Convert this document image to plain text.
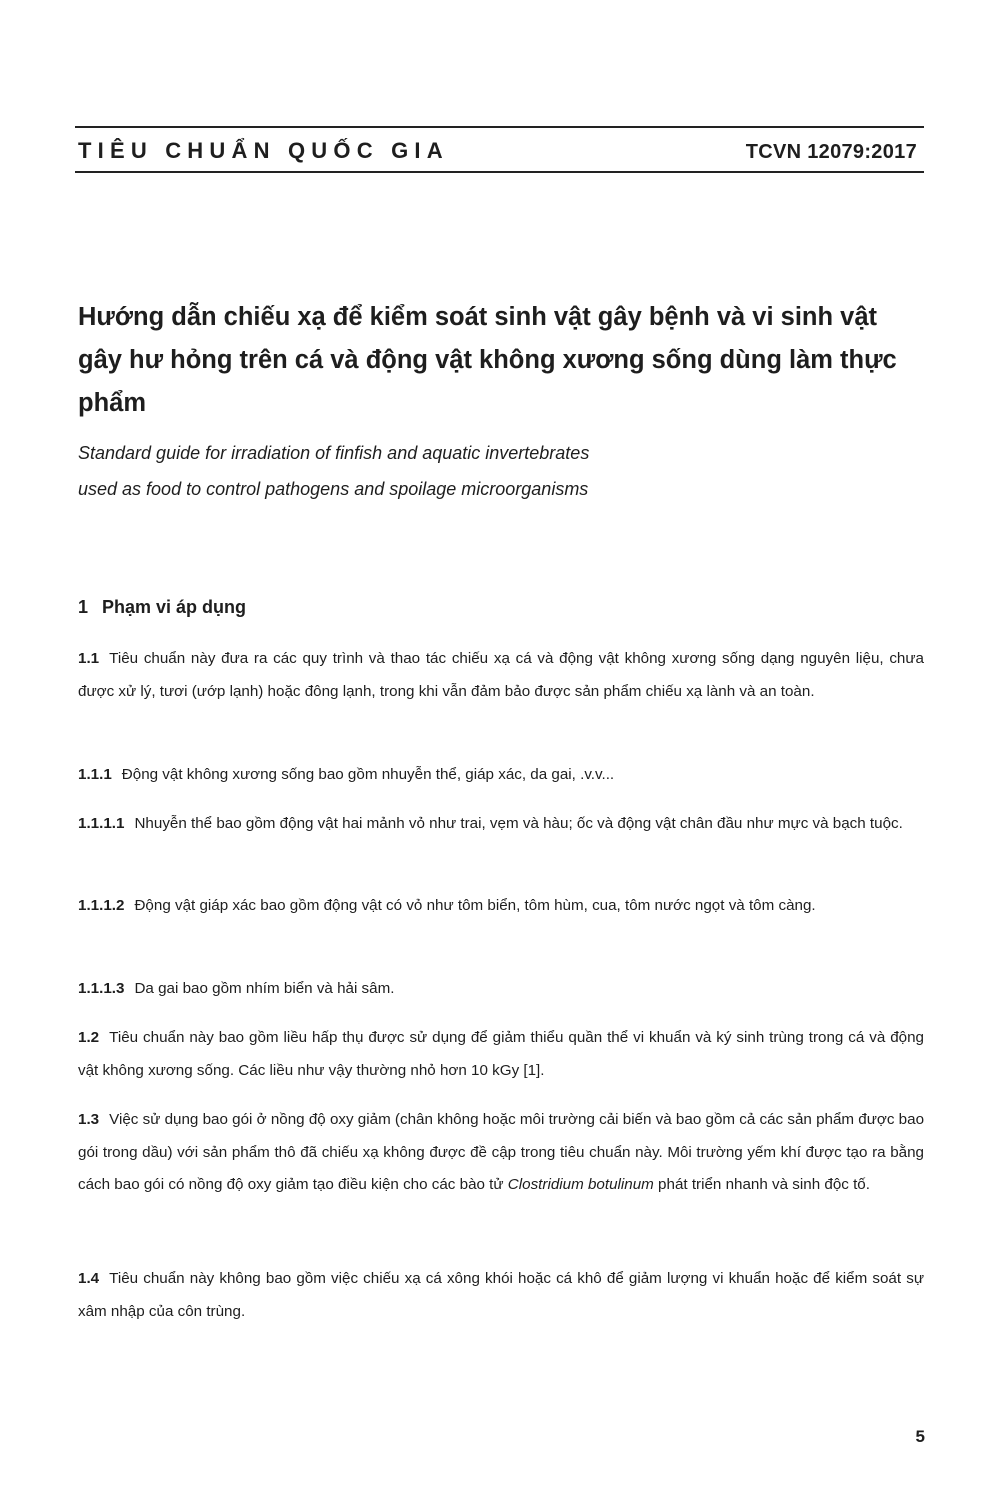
TIÊU CHUẨN QUỐC GIA	TCVN 12079:2017
Hướng dẫn chiếu xạ để kiểm soát sinh vật gây bệnh và vi sinh vật gây hư hỏng trên cá và động vật không xương sống dùng làm thực phẩm
Standard guide for irradiation of finfish and aquatic invertebrates
used as food to control pathogens and spoilage microorganisms
1 Phạm vi áp dụng

1.1 Tiêu chuẩn này đưa ra các quy trình và thao tác chiếu xạ cá và động vật không xương sống dạng nguyên liệu, chưa được xử lý, tươi (ướp lạnh) hoặc đông lạnh, trong khi vẫn đảm bảo được sản phẩm chiếu xạ lành và an toàn.

1.1.1 Động vật không xương sống bao gồm nhuyễn thể, giáp xác, da gai, .v.v...

1.1.1.1 Nhuyễn thể bao gồm động vật hai mảnh vỏ như trai, vẹm và hàu; ốc và động vật chân đầu như mực và bạch tuộc.

1.1.1.2 Động vật giáp xác bao gồm động vật có vỏ như tôm biển, tôm hùm, cua, tôm nước ngọt và tôm càng.

1.1.1.3 Da gai bao gồm nhím biển và hải sâm.

1.2 Tiêu chuẩn này bao gồm liều hấp thụ được sử dụng để giảm thiểu quần thể vi khuẩn và ký sinh trùng trong cá và động vật không xương sống. Các liều như vậy thường nhỏ hơn 10 kGy [1].

1.3 Việc sử dụng bao gói ở nồng độ oxy giảm (chân không hoặc môi trường cải biến và bao gồm cả các sản phẩm được bao gói trong dầu) với sản phẩm thô đã chiếu xạ không được đề cập trong tiêu chuẩn này. Môi trường yếm khí được tạo ra bằng cách bao gói có nồng độ oxy giảm tạo điều kiện cho các bào tử Clostridium botulinum phát triển nhanh và sinh độc tố.

1.4 Tiêu chuẩn này không bao gồm việc chiếu xạ cá xông khói hoặc cá khô để giảm lượng vi khuẩn hoặc để kiểm soát sự xâm nhập của côn trùng.

5
